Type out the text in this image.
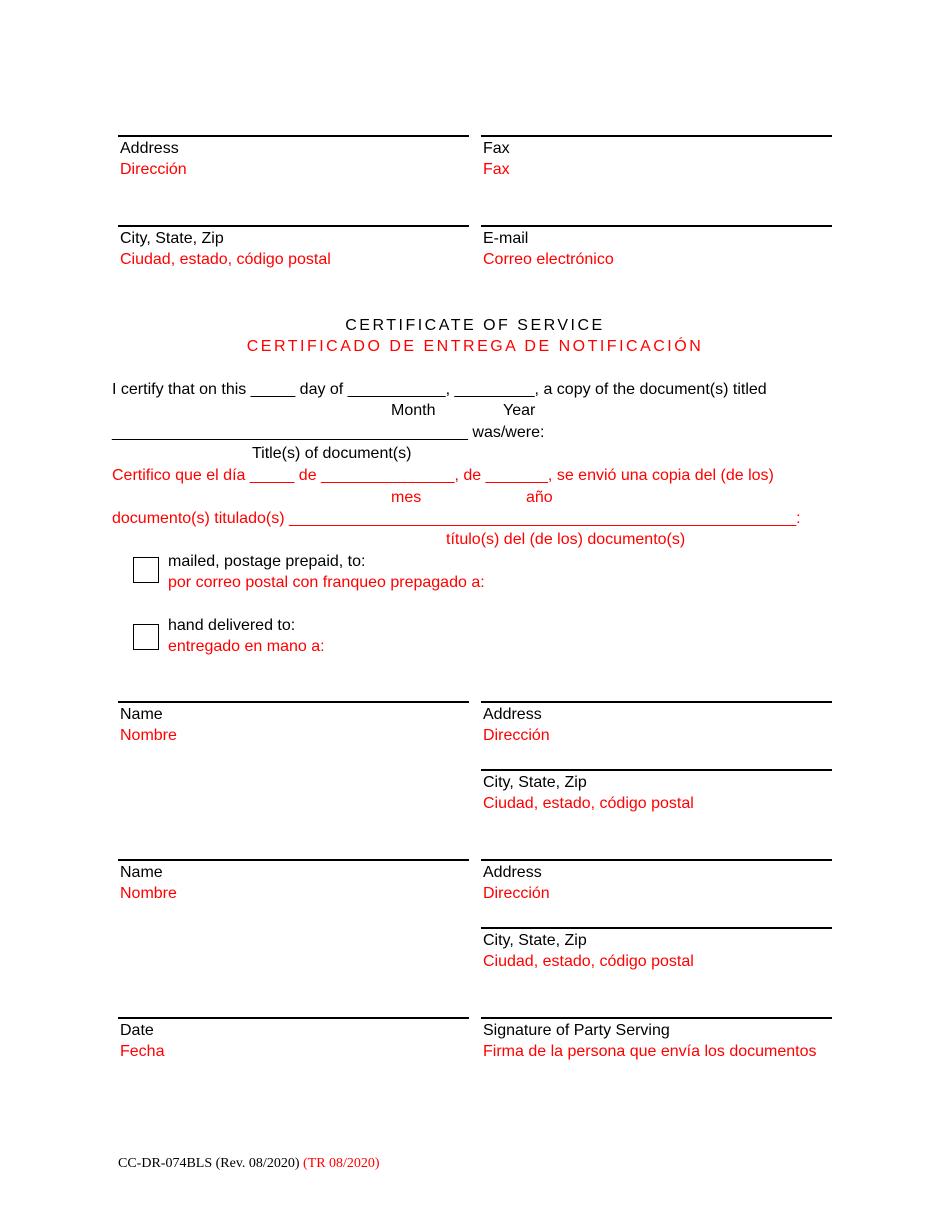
Address
Dirección
Fax
Fax
City, State, Zip
Ciudad, estado, código postal
E-mail
Correo electrónico
CERTIFICATE OF SERVICE
CERTIFICADO DE ENTREGA DE NOTIFICACIÓN
I certify that on this _____ day of ___________, _________, a copy of the document(s) titled
Month	Year
________________________________________ was/were:
Title(s) of document(s)
Certifico que el día _____ de _______________, de _______, se envió una copia del (de los)
mes	año
documento(s) titulado(s) _________________________________________________________:
título(s) del (de los) documento(s)
mailed, postage prepaid, to:
por correo postal con franqueo prepagado a:
hand delivered to:
entregado en mano a:
Name
Nombre
Address
Dirección
City, State, Zip
Ciudad, estado, código postal
Name
Nombre
Address
Dirección
City, State, Zip
Ciudad, estado, código postal
Date
Fecha
Signature of Party Serving
Firma de la persona que envía los documentos
CC-DR-074BLS (Rev. 08/2020) (TR 08/2020)
